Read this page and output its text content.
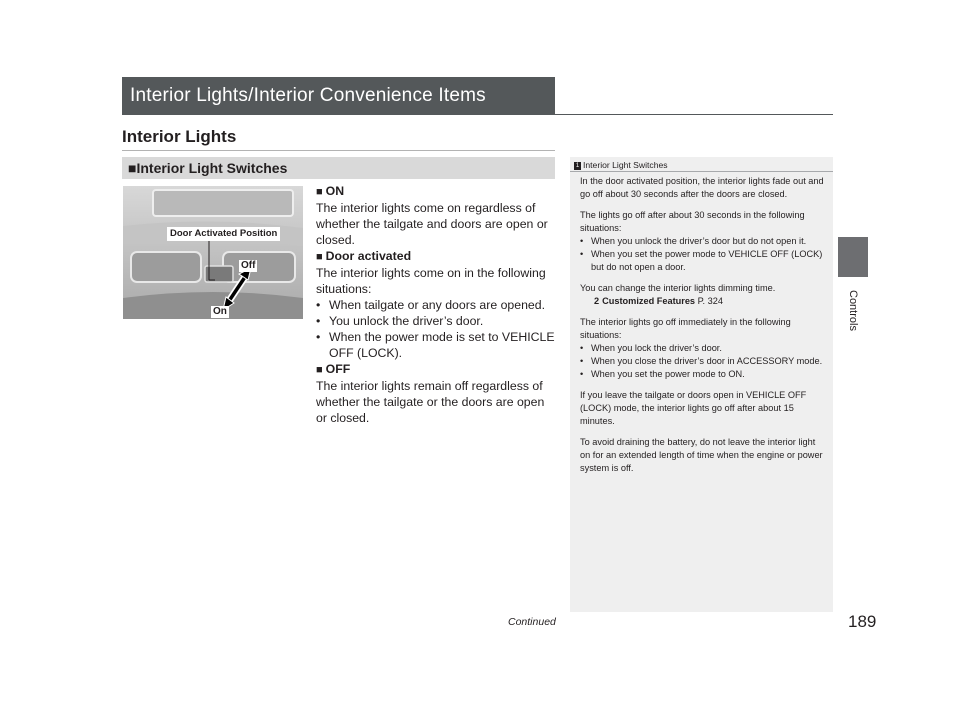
Interior Lights/Interior Convenience Items
Interior Lights
■Interior Light Switches
Door Activated Position
Off
On
■ ON
The interior lights come on regardless of whether the tailgate and doors are open or closed.
■ Door activated
The interior lights come on in the following situations:
• When tailgate or any doors are opened.
• You unlock the driver’s door.
• When the power mode is set to VEHICLE OFF (LOCK).
■ OFF
The interior lights remain off regardless of whether the tailgate or the doors are open or closed.
1 Interior Light Switches

In the door activated position, the interior lights fade out and go off about 30 seconds after the doors are closed.

The lights go off after about 30 seconds in the following situations:

• When you unlock the driver’s door but do not open it.
• When you set the power mode to VEHICLE OFF (LOCK) but do not open a door.

You can change the interior lights dimming time.
2 Customized Features P. 324

The interior lights go off immediately in the following situations:

• When you lock the driver’s door.
• When you close the driver’s door in ACCESSORY mode.
• When you set the power mode to ON.

If you leave the tailgate or doors open in VEHICLE OFF (LOCK) mode, the interior lights go off after about 15 minutes.

To avoid draining the battery, do not leave the interior light on for an extended length of time when the engine or power system is off.

Controls
Continued	189
